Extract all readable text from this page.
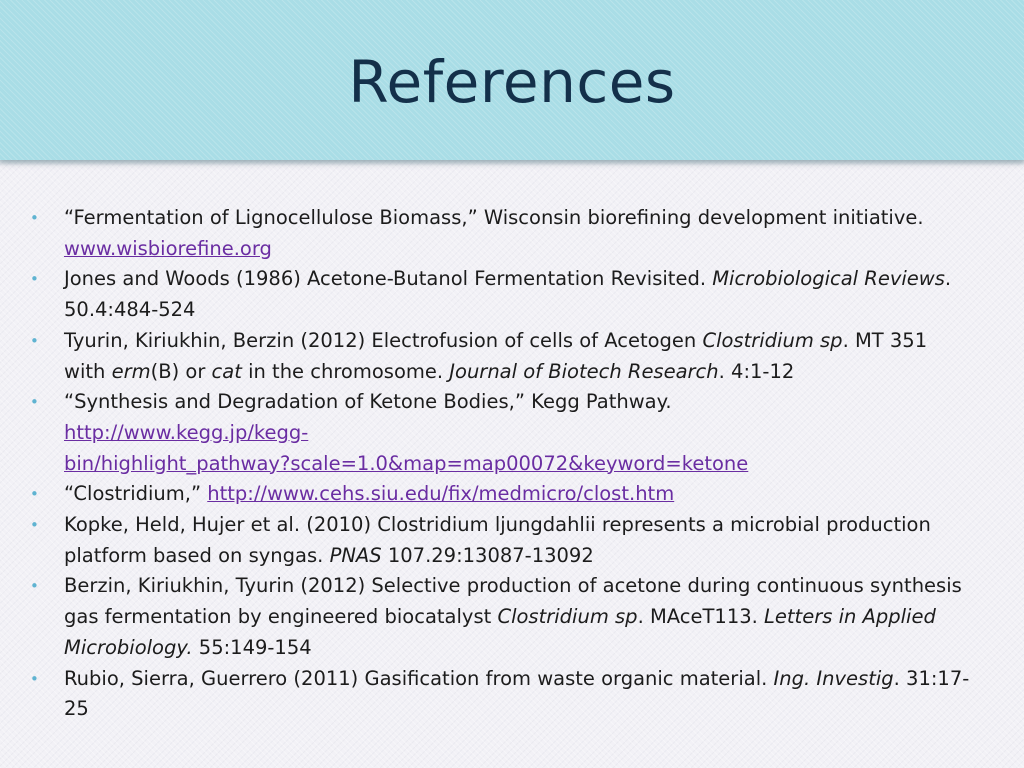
References
•	“Fermentation of Lignocellulose Biomass,” Wisconsin biorefining development initiative. www.wisbiorefine.org
•	Jones and Woods (1986) Acetone-Butanol Fermentation Revisited. Microbiological Reviews. 50.4:484-524
•	Tyurin, Kiriukhin, Berzin (2012) Electrofusion of cells of Acetogen Clostridium sp. MT 351 with erm(B) or cat in the chromosome. Journal of Biotech Research. 4:1-12
•	“Synthesis and Degradation of Ketone Bodies,” Kegg Pathway.
http://www.kegg.jp/kegg-
bin/highlight_pathway?scale=1.0&map=map00072&keyword=ketone
•	“Clostridium,” http://www.cehs.siu.edu/fix/medmicro/clost.htm
•	Kopke, Held, Hujer et al. (2010) Clostridium ljungdahlii represents a microbial production platform based on syngas. PNAS 107.29:13087-13092
•	Berzin, Kiriukhin, Tyurin (2012) Selective production of acetone during continuous synthesis gas fermentation by engineered biocatalyst Clostridium sp. MAceT113. Letters in Applied Microbiology. 55:149-154
•	Rubio, Sierra, Guerrero (2011) Gasification from waste organic material. Ing. Investig. 31:17-25
